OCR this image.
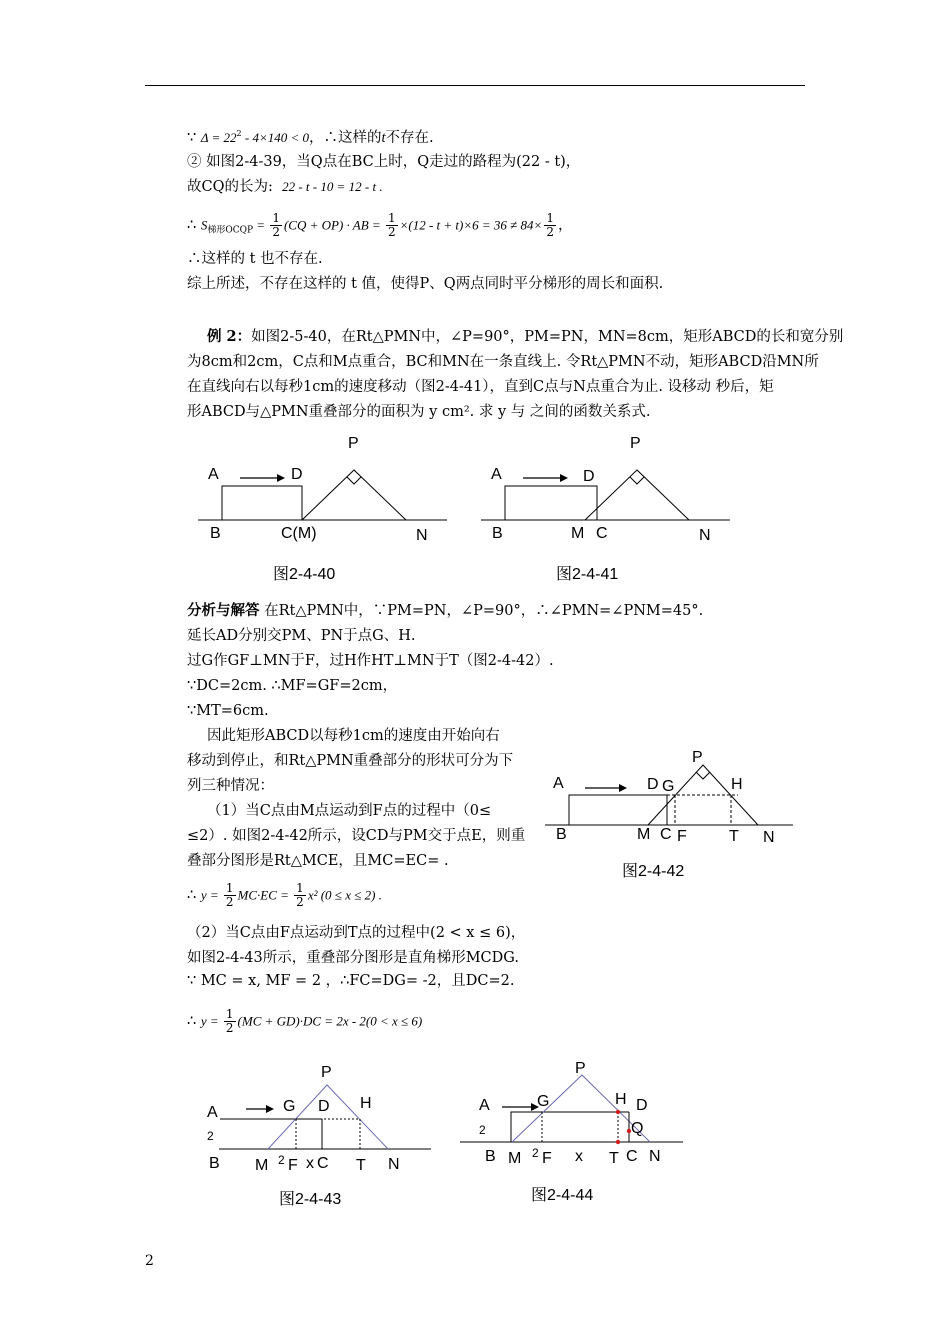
∵ $\Delta = 22^2 - 4\times 140 < 0$，∴这样的t不存在.
② 如图2-4-39，当Q点在BC上时，Q走过的路程为(22 - t)，
故CQ的长为: 22 - t - 10 = 12 - t .
∴ $S_{梯形OCQP} = \frac{1}{2} (CQ + OP)$ · AB = $\frac{1}{2} \times(12 - t + t)\times 6 = 36 \ne 84\times \frac{1}{2}$ ，
∴这样的 t 也不存在.
综上所述，不存在这样的 t 值，使得P、Q两点同时平分梯形的周长和面积.
例 2：如图2-5-40，在Rt△PMN中，∠P=90°，PM=PN，MN=8cm，矩形ABCD的长和宽分别
为8cm和2cm，C点和M点重合，BC和MN在一条直线上. 令Rt△PMN不动，矩形ABCD沿MN所
在直线向右以每秒1cm的速度移动（图2-4-41），直到C点与N点重合为止. 设移动 秒后，矩
形ABCD与△PMN重叠部分的面积为 y cm². 求 y 与 之间的函数关系式.
A	D
B	C(M)	N
P
图2-4-40
A	D
B	M C	N
P
图2-4-41
分析与解答 在Rt△PMN中，∵PM=PN，∠P=90°，∴∠PMN=∠PNM=45°.
延长AD分别交PM、PN于点G、H.
过G作GF⊥MN于F，过H作HT⊥MN于T（图2-4-42）.
∵DC=2cm. ∴MF=GF=2cm，
∵MT=6cm.
因此矩形ABCD以每秒1cm的速度由开始向右
移动到停止，和Rt△PMN重叠部分的形状可分为下
列三种情况：
（1）当C点由M点运动到F点的过程中（0≤
≤2）. 如图2-4-42所示，设CD与PM交于点E，则重
叠部分图形是Rt△MCE，且MC=EC= .
∴ $y = \frac{1}{2} MC\cdot EC = \frac{1}{2} x^2$ (0 ≤ x ≤ 2) .
（2）当C点由F点运动到T点的过程中(2 < x ≤ 6)，
如图2-4-43所示，重叠部分图形是直角梯形MCDG.
∵ MC = x, MF = 2 ，∴FC=DG= -2，且DC=2.
∴ $y = \frac{1}{2} (MC + GD)\cdot DC = 2x - 2(0 < x \le 6)$
A	D G	H
B	M C F	T N
P
图2-4-42
A
2
G D H
B M 2 F x C T N
P
图2-4-43
A
2
G	H D
Q
B M 2 F x T C N
P
图2-4-44
2
